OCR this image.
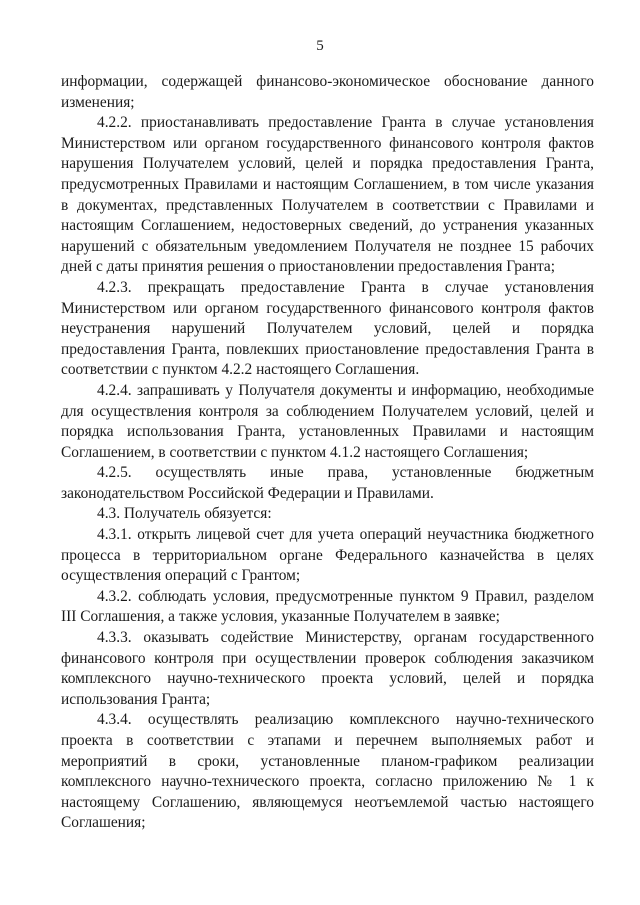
5

информации, содержащей финансово-экономическое обоснование данного изменения;

4.2.2. приостанавливать предоставление Гранта в случае установления Министерством или органом государственного финансового контроля фактов нарушения Получателем условий, целей и порядка предоставления Гранта, предусмотренных Правилами и настоящим Соглашением, в том числе указания в документах, представленных Получателем в соответствии с Правилами и настоящим Соглашением, недостоверных сведений, до устранения указанных нарушений с обязательным уведомлением Получателя не позднее 15 рабочих дней с даты принятия решения о приостановлении предоставления Гранта;

4.2.3. прекращать предоставление Гранта в случае установления Министерством или органом государственного финансового контроля фактов неустранения нарушений Получателем условий, целей и порядка предоставления Гранта, повлекших приостановление предоставления Гранта в соответствии с пунктом 4.2.2 настоящего Соглашения.

4.2.4. запрашивать у Получателя документы и информацию, необходимые для осуществления контроля за соблюдением Получателем условий, целей и порядка использования Гранта, установленных Правилами и настоящим Соглашением, в соответствии с пунктом 4.1.2 настоящего Соглашения;

4.2.5. осуществлять иные права, установленные бюджетным законодательством Российской Федерации и Правилами.

4.3. Получатель обязуется:

4.3.1. открыть лицевой счет для учета операций неучастника бюджетного процесса в территориальном органе Федерального казначейства в целях осуществления операций с Грантом;

4.3.2. соблюдать условия, предусмотренные пунктом 9 Правил, разделом III Соглашения, а также условия, указанные Получателем в заявке;

4.3.3. оказывать содействие Министерству, органам государственного финансового контроля при осуществлении проверок соблюдения заказчиком комплексного научно-технического проекта условий, целей и порядка использования Гранта;

4.3.4. осуществлять реализацию комплексного научно-технического проекта в соответствии с этапами и перечнем выполняемых работ и мероприятий в сроки, установленные планом-графиком реализации комплексного научно-технического проекта, согласно приложению № 1 к настоящему Соглашению, являющемуся неотъемлемой частью настоящего Соглашения;
